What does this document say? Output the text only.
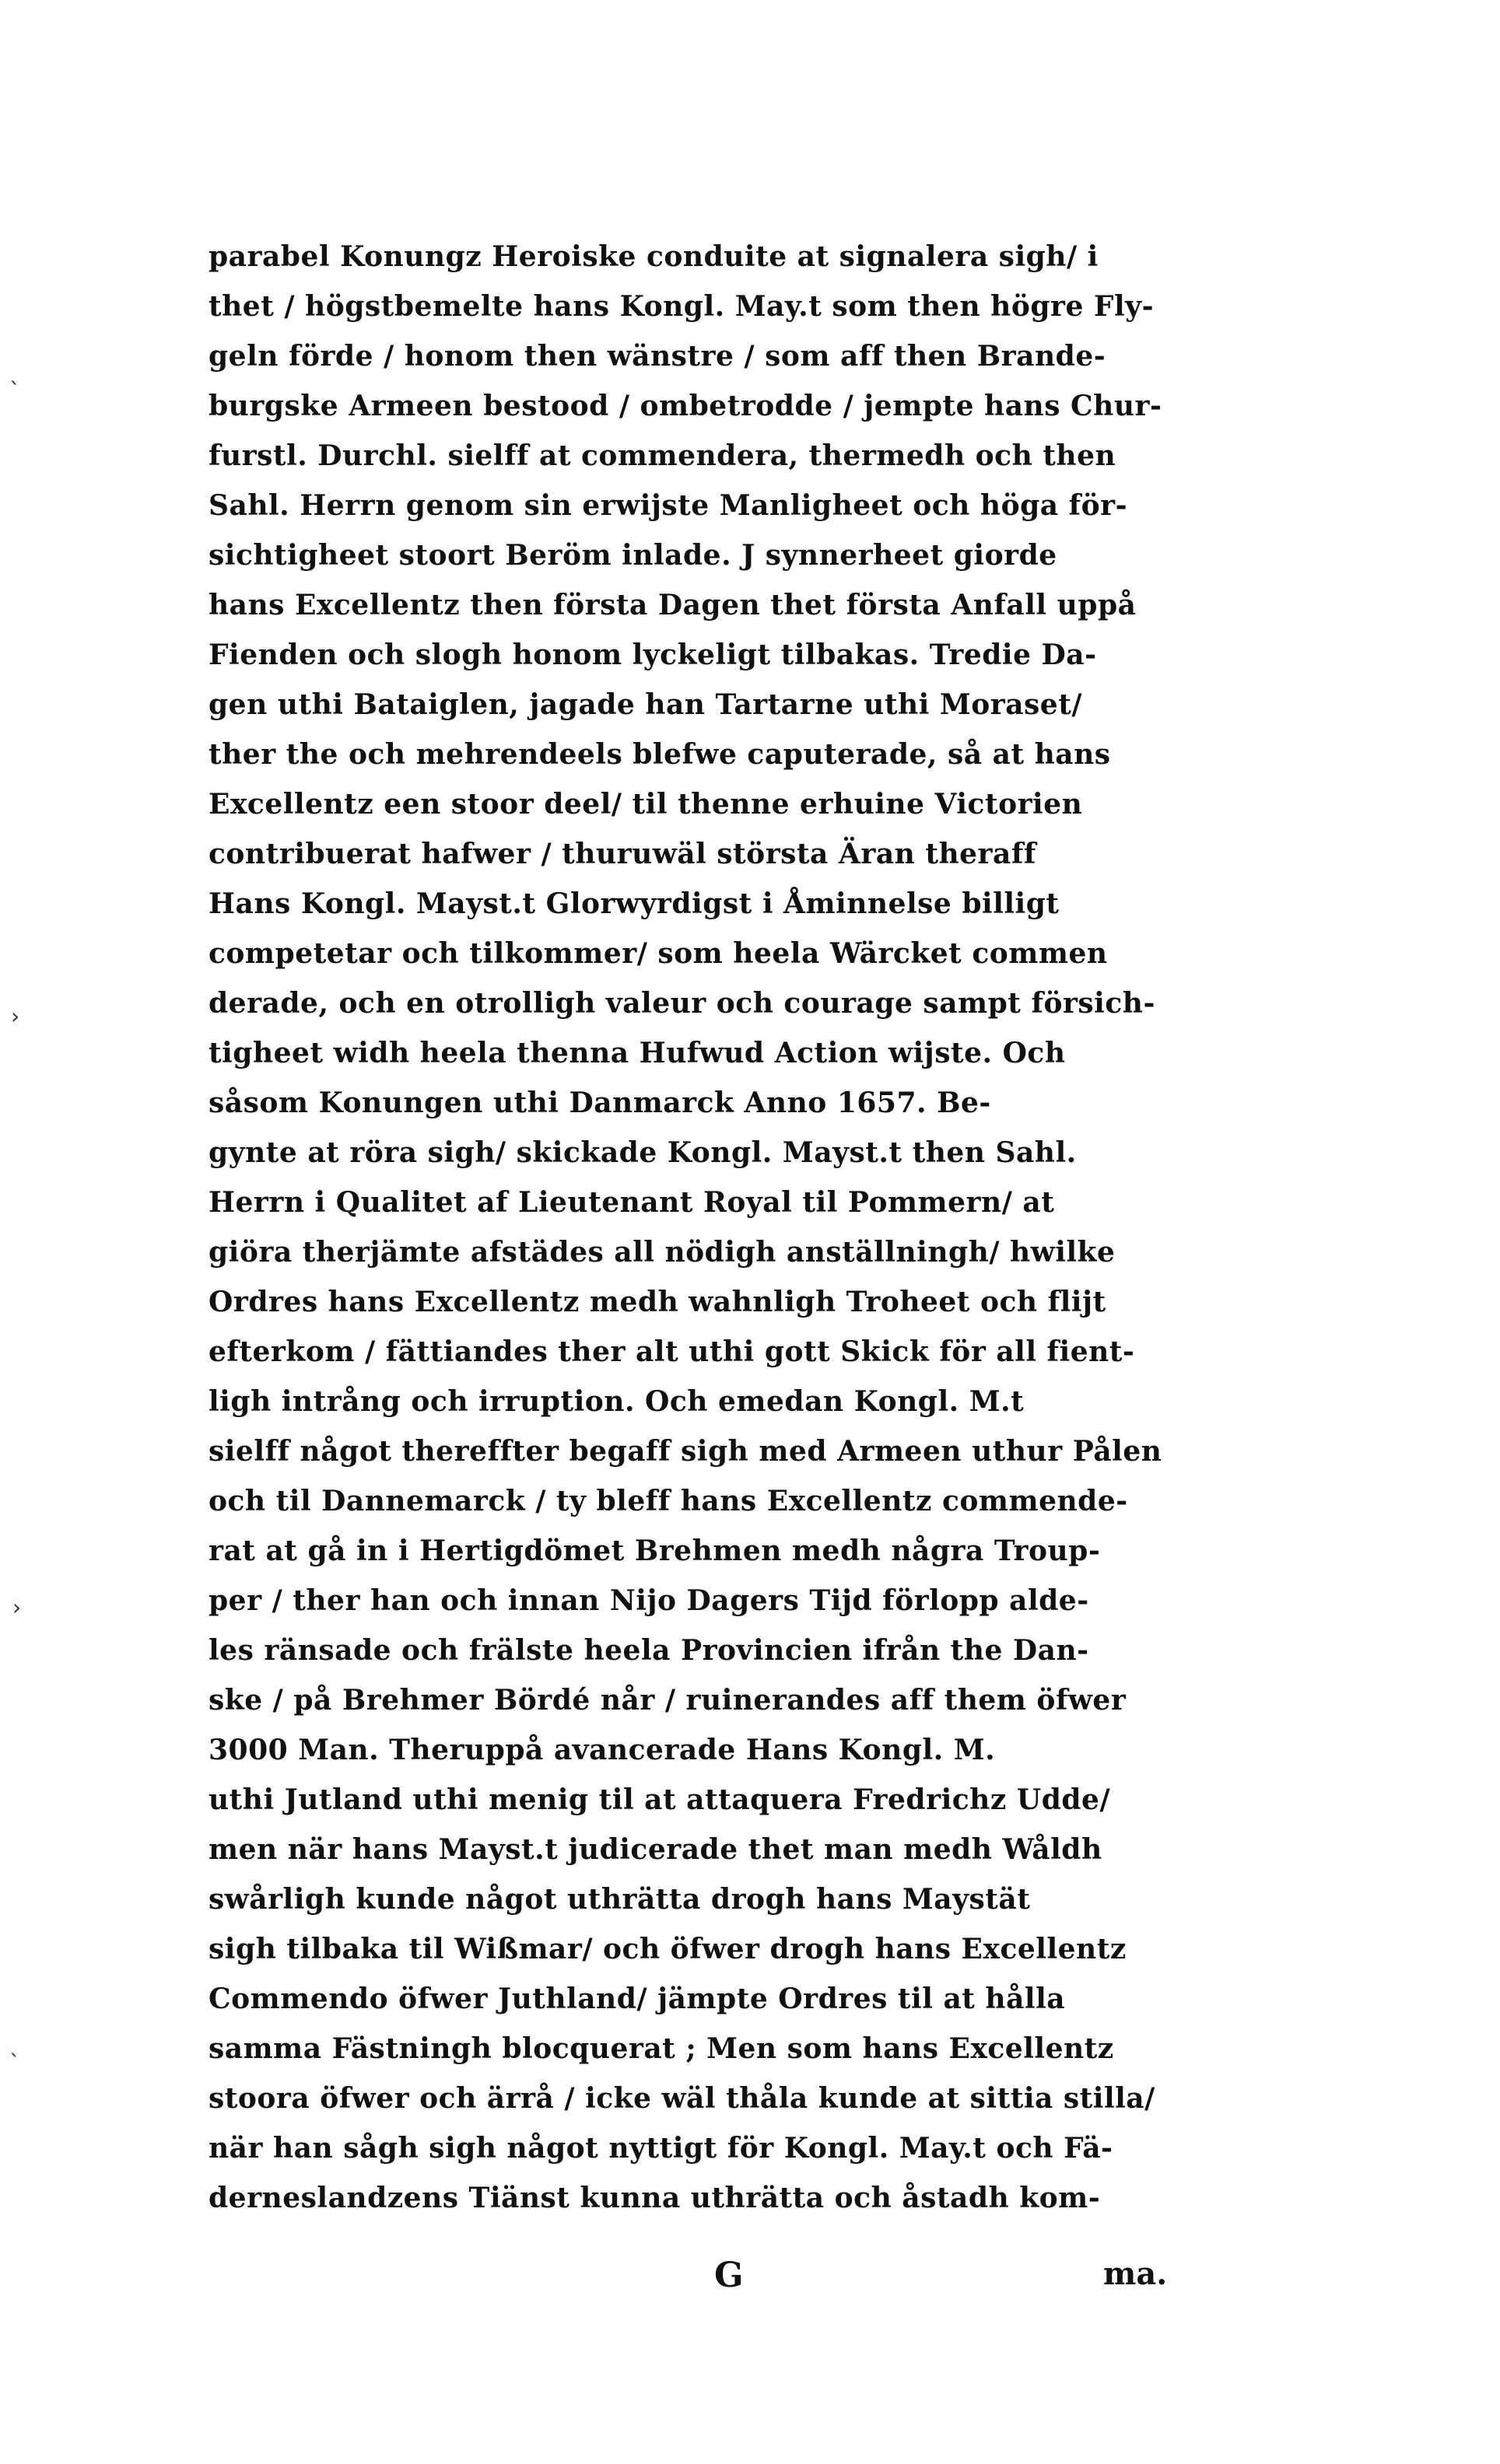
ˎ
›
›
ˎ
parabel Konungz Heroiske conduite at signalera sigh/ i
thet / högstbemelte hans Kongl. May.t som then högre Fly-
geln förde / honom then wänstre / som aff then Brande-
burgske Armeen bestood / ombetrodde / jempte hans Chur-
furstl. Durchl. sielff at commendera, thermedh och then
Sahl. Herrn genom sin erwijste Manligheet och höga för-
sichtigheet stoort Beröm inlade. J synnerheet giorde
hans Excellentz then första Dagen thet första Anfall uppå
Fienden och slogh honom lyckeligt tilbakas. Tredie Da-
gen uthi Bataiglen, jagade han Tartarne uthi Moraset/
ther the och mehrendeels blefwe caputerade, så at hans
Excellentz een stoor deel/ til thenne erhuine Victorien
contribuerat hafwer / thuruwäl största Äran theraff
Hans Kongl. Mayst.t Glorwyrdigst i Åminnelse billigt
competetar och tilkommer/ som heela Wärcket commen
derade, och en otrolligh valeur och courage sampt försich-
tigheet widh heela thenna Hufwud Action wijste. Och
såsom Konungen uthi Danmarck Anno 1657. Be-
gynte at röra sigh/ skickade Kongl. Mayst.t then Sahl.
Herrn i Qualitet af Lieutenant Royal til Pommern/ at
giöra therjämte afstädes all nödigh anställningh/ hwilke
Ordres hans Excellentz medh wahnligh Troheet och flijt
efterkom / fättiandes ther alt uthi gott Skick för all fient-
ligh intrång och irruption. Och emedan Kongl. M.t
sielff något thereffter begaff sigh med Armeen uthur Pålen
och til Dannemarck / ty bleff hans Excellentz commende-
rat at gå in i Hertigdömet Brehmen medh några Troup-
per / ther han och innan Nijo Dagers Tijd förlopp alde-
les ränsade och frälste heela Provincien ifrån the Dan-
ske / på Brehmer Bördé når / ruinerandes aff them öfwer
3000 Man. Theruppå avancerade Hans Kongl. M.
uthi Jutland uthi menig til at attaquera Fredrichz Udde/
men när hans Mayst.t judicerade thet man medh Wåldh
swårligh kunde något uthrätta drogh hans Maystät
sigh tilbaka til Wißmar/ och öfwer drogh hans Excellentz
Commendo öfwer Juthland/ jämpte Ordres til at hålla
samma Fästningh blocquerat ; Men som hans Excellentz
stoora öfwer och ärrå / icke wäl thåla kunde at sittia stilla/
när han sågh sigh något nyttigt för Kongl. May.t och Fä-
derneslandzens Tiänst kunna uthrätta och åstadh kom-
G	ma.
